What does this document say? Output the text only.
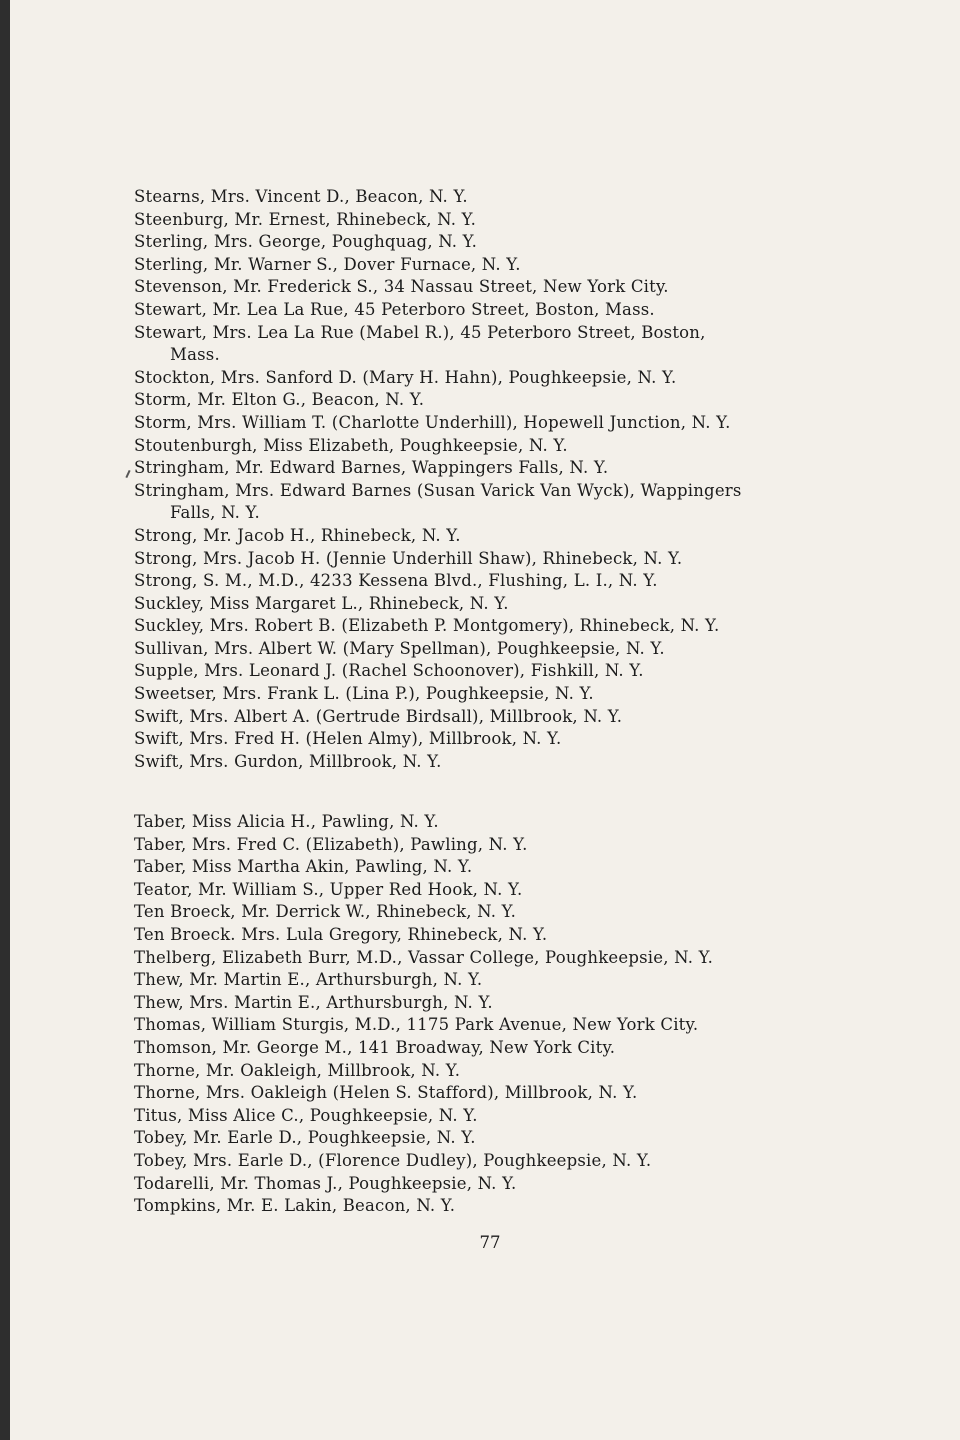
Stearns, Mrs. Vincent D., Beacon, N. Y.
Steenburg, Mr. Ernest, Rhinebeck, N. Y.
Sterling, Mrs. George, Poughquag, N. Y.
Sterling, Mr. Warner S., Dover Furnace, N. Y.
Stevenson, Mr. Frederick S., 34 Nassau Street, New York City.
Stewart, Mr. Lea La Rue, 45 Peterboro Street, Boston, Mass.
Stewart, Mrs. Lea La Rue (Mabel R.), 45 Peterboro Street, Boston,
Mass.
Stockton, Mrs. Sanford D. (Mary H. Hahn), Poughkeepsie, N. Y.
Storm, Mr. Elton G., Beacon, N. Y.
Storm, Mrs. William T. (Charlotte Underhill), Hopewell Junction, N. Y.
Stoutenburgh, Miss Elizabeth, Poughkeepsie, N. Y.
Stringham, Mr. Edward Barnes, Wappingers Falls, N. Y.
Stringham, Mrs. Edward Barnes (Susan Varick Van Wyck), Wappingers
Falls, N. Y.
Strong, Mr. Jacob H., Rhinebeck, N. Y.
Strong, Mrs. Jacob H. (Jennie Underhill Shaw), Rhinebeck, N. Y.
Strong, S. M., M.D., 4233 Kessena Blvd., Flushing, L. I., N. Y.
Suckley, Miss Margaret L., Rhinebeck, N. Y.
Suckley, Mrs. Robert B. (Elizabeth P. Montgomery), Rhinebeck, N. Y.
Sullivan, Mrs. Albert W. (Mary Spellman), Poughkeepsie, N. Y.
Supple, Mrs. Leonard J. (Rachel Schoonover), Fishkill, N. Y.
Sweetser, Mrs. Frank L. (Lina P.), Poughkeepsie, N. Y.
Swift, Mrs. Albert A. (Gertrude Birdsall), Millbrook, N. Y.
Swift, Mrs. Fred H. (Helen Almy), Millbrook, N. Y.
Swift, Mrs. Gurdon, Millbrook, N. Y.
Taber, Miss Alicia H., Pawling, N. Y.
Taber, Mrs. Fred C. (Elizabeth), Pawling, N. Y.
Taber, Miss Martha Akin, Pawling, N. Y.
Teator, Mr. William S., Upper Red Hook, N. Y.
Ten Broeck, Mr. Derrick W., Rhinebeck, N. Y.
Ten Broeck. Mrs. Lula Gregory, Rhinebeck, N. Y.
Thelberg, Elizabeth Burr, M.D., Vassar College, Poughkeepsie, N. Y.
Thew, Mr. Martin E., Arthursburgh, N. Y.
Thew, Mrs. Martin E., Arthursburgh, N. Y.
Thomas, William Sturgis, M.D., 1175 Park Avenue, New York City.
Thomson, Mr. George M., 141 Broadway, New York City.
Thorne, Mr. Oakleigh, Millbrook, N. Y.
Thorne, Mrs. Oakleigh (Helen S. Stafford), Millbrook, N. Y.
Titus, Miss Alice C., Poughkeepsie, N. Y.
Tobey, Mr. Earle D., Poughkeepsie, N. Y.
Tobey, Mrs. Earle D., (Florence Dudley), Poughkeepsie, N. Y.
Todarelli, Mr. Thomas J., Poughkeepsie, N. Y.
Tompkins, Mr. E. Lakin, Beacon, N. Y.
77
